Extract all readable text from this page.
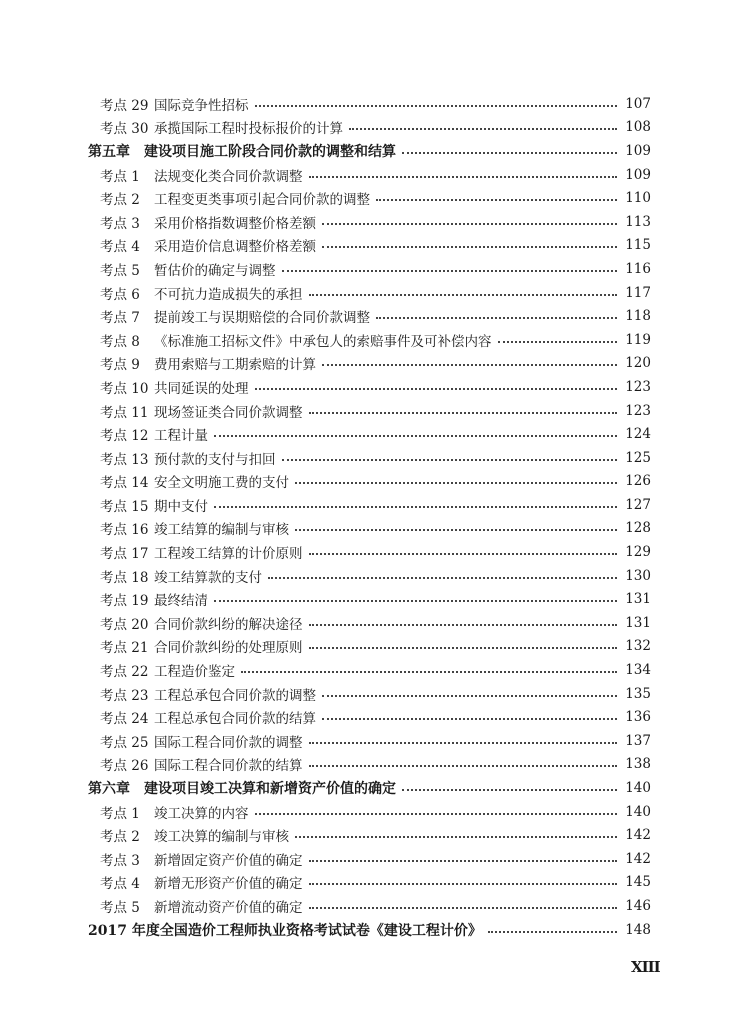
考点 29 国际竞争性招标	107
考点 30 承揽国际工程时投标报价的计算	108
第五章 建设项目施工阶段合同价款的调整和结算	109
考点 1	法规变化类合同价款调整	109
考点 2	工程变更类事项引起合同价款的调整	110
考点 3	采用价格指数调整价格差额	113
考点 4	采用造价信息调整价格差额	115
考点 5	暂估价的确定与调整	116
考点 6	不可抗力造成损失的承担	117
考点 7	提前竣工与误期赔偿的合同价款调整	118
考点 8	《标准施工招标文件》中承包人的索赔事件及可补偿内容	119
考点 9	费用索赔与工期索赔的计算	120
考点 10 共同延误的处理	123
考点 11 现场签证类合同价款调整	123
考点 12 工程计量	124
考点 13 预付款的支付与扣回	125
考点 14 安全文明施工费的支付	126
考点 15 期中支付	127
考点 16 竣工结算的编制与审核	128
考点 17 工程竣工结算的计价原则	129
考点 18 竣工结算款的支付	130
考点 19 最终结清	131
考点 20 合同价款纠纷的解决途径	131
考点 21 合同价款纠纷的处理原则	132
考点 22 工程造价鉴定	134
考点 23 工程总承包合同价款的调整	135
考点 24 工程总承包合同价款的结算	136
考点 25 国际工程合同价款的调整	137
考点 26 国际工程合同价款的结算	138
第六章 建设项目竣工决算和新增资产价值的确定	140
考点 1	竣工决算的内容	140
考点 2	竣工决算的编制与审核	142
考点 3	新增固定资产价值的确定	142
考点 4	新增无形资产价值的确定	145
考点 5	新增流动资产价值的确定	146
2017 年度全国造价工程师执业资格考试试卷《建设工程计价》	148
XIII
